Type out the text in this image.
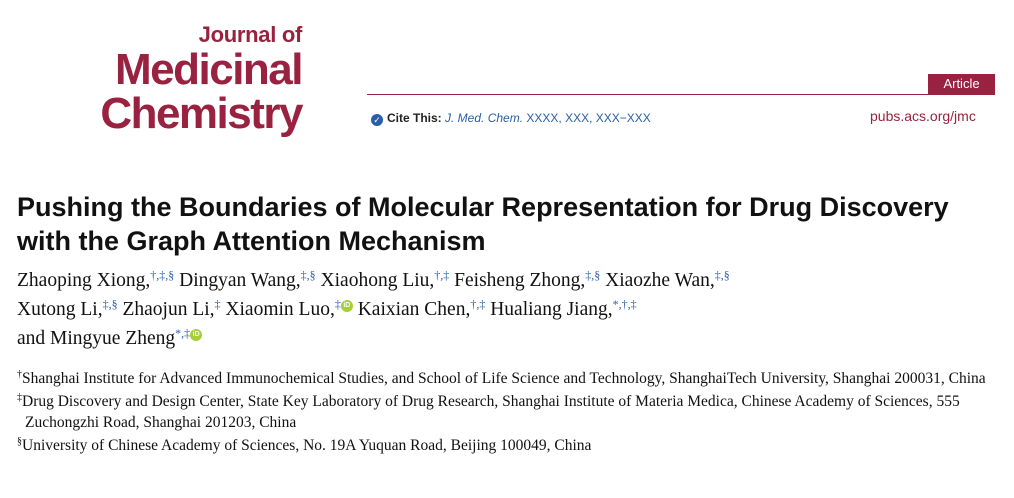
Journal of
Medicinal
Chemistry
Article
✓ Cite This: J. Med. Chem. XXXX, XXX, XXX−XXX	pubs.acs.org/jmc
Pushing the Boundaries of Molecular Representation for Drug Discovery with the Graph Attention Mechanism
Zhaoping Xiong,†,‡,§ Dingyan Wang,‡,§ Xiaohong Liu,†,‡ Feisheng Zhong,‡,§ Xiaozhe Wan,‡,§
Xutong Li,‡,§ Zhaojun Li,‡ Xiaomin Luo,‡ iD Kaixian Chen,†,‡ Hualiang Jiang,*,†,‡
and Mingyue Zheng*,‡ iD
†Shanghai Institute for Advanced Immunochemical Studies, and School of Life Science and Technology, ShanghaiTech University, Shanghai 200031, China
‡Drug Discovery and Design Center, State Key Laboratory of Drug Research, Shanghai Institute of Materia Medica, Chinese Academy of Sciences, 555 Zuchongzhi Road, Shanghai 201203, China
§University of Chinese Academy of Sciences, No. 19A Yuquan Road, Beijing 100049, China
